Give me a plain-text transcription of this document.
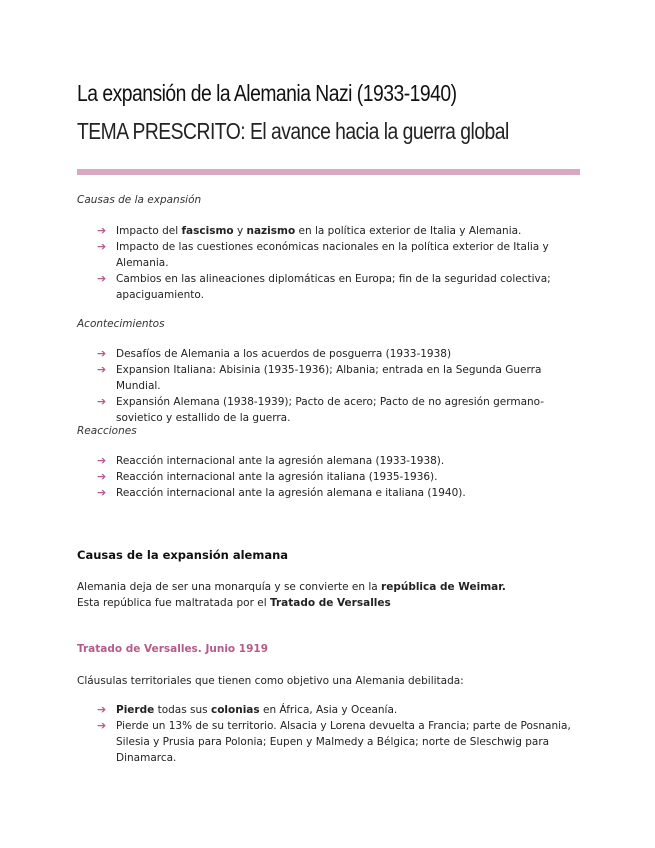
La expansión de la Alemania Nazi (1933-1940)
TEMA PRESCRITO: El avance hacia la guerra global

Causas de la expansión

➔ Impacto del fascismo y nazismo en la política exterior de Italia y Alemania.
➔ Impacto de las cuestiones económicas nacionales en la política exterior de Italia y Alemania.
➔ Cambios en las alineaciones diplomáticas en Europa; fin de la seguridad colectiva; apaciguamiento.

Acontecimientos

➔ Desafíos de Alemania a los acuerdos de posguerra (1933-1938)
➔ Expansion Italiana: Abisinia (1935-1936); Albania; entrada en la Segunda Guerra Mundial.
➔ Expansión Alemana (1938-1939); Pacto de acero; Pacto de no agresión germano-sovietico y estallido de la guerra.

Reacciones

➔ Reacción internacional ante la agresión alemana (1933-1938).
➔ Reacción internacional ante la agresión italiana (1935-1936).
➔ Reacción internacional ante la agresión alemana e italiana (1940).
Causas de la expansión alemana

Alemania deja de ser una monarquía y se convierte en la república de Weimar.

Esta república fue maltratada por el Tratado de Versalles

Tratado de Versalles. Junio 1919

Cláusulas territoriales que tienen como objetivo una Alemania debilitada:

➔ Pierde todas sus colonias en África, Asia y Oceanía.
➔ Pierde un 13% de su territorio. Alsacia y Lorena devuelta a Francia; parte de Posnania, Silesia y Prusia para Polonia; Eupen y Malmedy a Bélgica; norte de Sleschwig para Dinamarca.
